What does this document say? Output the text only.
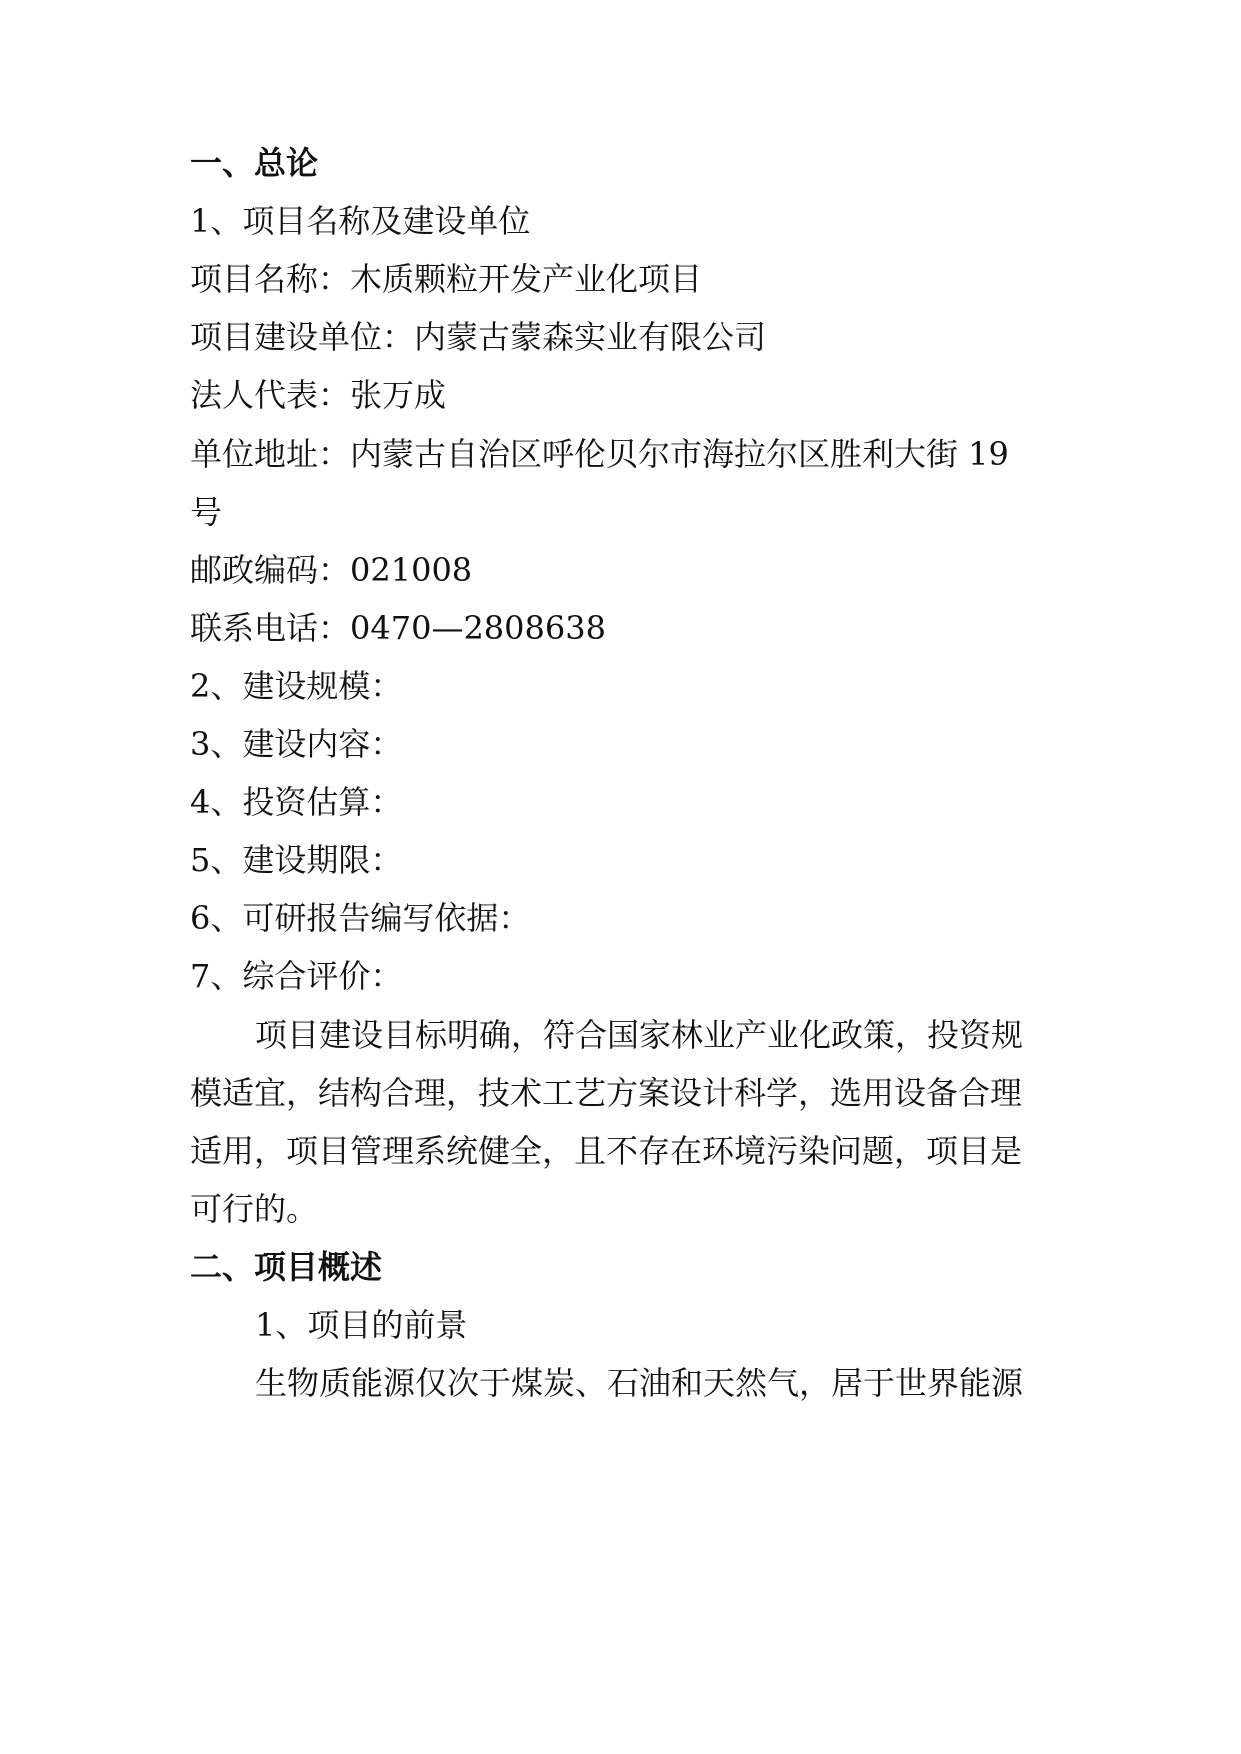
一、总论
1、项目名称及建设单位
项目名称：木质颗粒开发产业化项目
项目建设单位：内蒙古蒙森实业有限公司
法人代表：张万成
单位地址：内蒙古自治区呼伦贝尔市海拉尔区胜利大街 19
号
邮政编码：021008
联系电话：0470—2808638
2、建设规模：
3、建设内容：
4、投资估算：
5、建设期限：
6、可研报告编写依据：
7、综合评价：
项目建设目标明确，符合国家林业产业化政策，投资规
模适宜，结构合理，技术工艺方案设计科学，选用设备合理
适用，项目管理系统健全，且不存在环境污染问题，项目是
可行的。
二、项目概述
1、项目的前景
生物质能源仅次于煤炭、石油和天然气，居于世界能源
